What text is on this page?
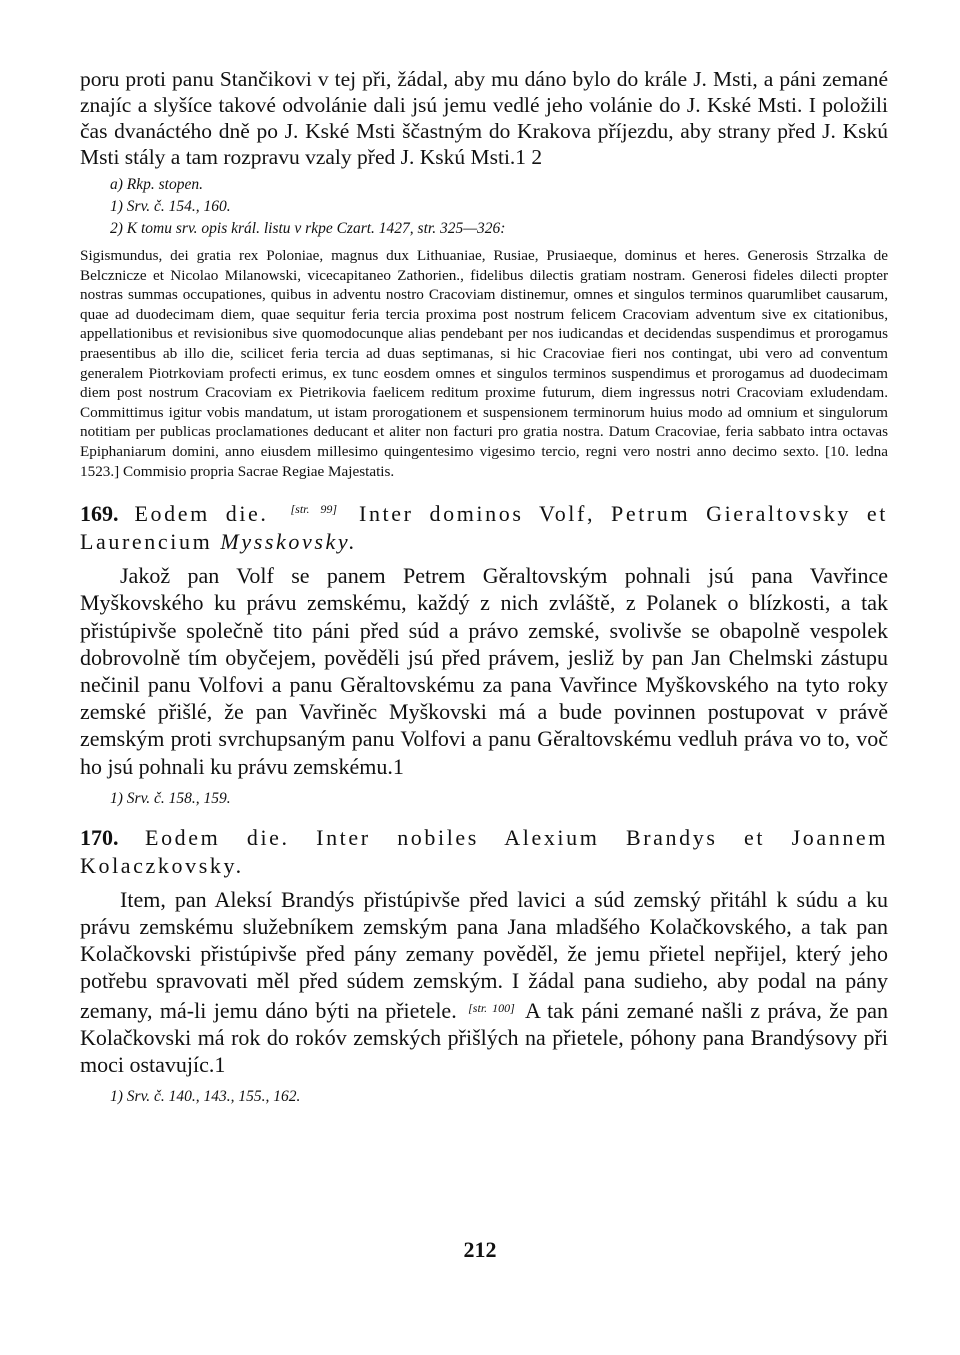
poru proti panu Stančikovi v tej při, žádal, aby mu dáno bylo do krále J. Msti, a páni zemané znajíc a slyšíce takové odvolánie dali jsú jemu vedlé jeho volánie do J. Kské Msti. I položili čas dvanáctého dně po J. Kské Msti ščastným do Krakova příjezdu, aby strany před J. Kskú Msti stály a tam rozpravu vzaly před J. Kskú Msti.1 2

a) Rkp. stopen.

1) Srv. č. 154., 160.

2) K tomu srv. opis král. listu v rkpe Czart. 1427, str. 325—326:

Sigismundus, dei gratia rex Poloniae, magnus dux Lithuaniae, Rusiae, Prusiaeque, dominus et heres. Generosis Strzalka de Belcznicze et Nicolao Milanowski, vicecapitaneo Zathorien., fidelibus dilectis gratiam nostram. Generosi fideles dilecti propter nostras summas occupationes, quibus in adventu nostro Cracoviam distinemur, omnes et singulos terminos quarumlibet causarum, quae ad duodecimam diem, quae sequitur feria tercia proxima post nostrum felicem Cracoviam adventum sive ex citationibus, appellationibus et revisionibus sive quomodocunque alias pendebant per nos iudicandas et decidendas suspendimus et prorogamus praesentibus ab illo die, scilicet feria tercia ad duas septimanas, si hic Cracoviae fieri nos contingat, ubi vero ad conventum generalem Piotrkoviam profecti erimus, ex tunc eosdem omnes et singulos terminos suspendimus et prorogamus ad duodecimam diem post nostrum Cracoviam ex Pietrikovia faelicem reditum proxime futurum, diem ingressus notri Cracoviam exludendam. Committimus igitur vobis mandatum, ut istam prorogationem et suspensionem terminorum huius modo ad omnium et singulorum notitiam per publicas proclamationes deducant et aliter non facturi pro gratia nostra. Datum Cracoviae, feria sabbato intra octavas Epiphaniarum domini, anno eiusdem millesimo quingentesimo vigesimo tercio, regni vero nostri anno decimo sexto. [10. ledna 1523.] Commisio propria Sacrae Regiae Majestatis.

169. Eodem die. [str. 99] Inter dominos Volf, Petrum Gieraltovsky et Laurencium Mysskovsky.

Jakož pan Volf se panem Petrem Gěraltovským pohnali jsú pana Vavřince Myškovského ku právu zemskému, každý z nich zvláště, z Polanek o blízkosti, a tak přistúpivše společně tito páni před súd a právo zemské, svolivše se obapolně vespolek dobrovolně tím obyčejem, pověděli jsú před právem, jesliž by pan Jan Chelmski zástupu nečinil panu Volfovi a panu Gěraltovskému za pana Vavřince Myškovského na tyto roky zemské přišlé, že pan Vavřiněc Myškovski má a bude povinnen postupovat v právě zemským proti svrchupsaným panu Volfovi a panu Gěraltovskému vedluh práva vo to, voč ho jsú pohnali ku právu zemskému.1

1) Srv. č. 158., 159.

170. Eodem die. Inter nobiles Alexium Brandys et Joannem Kolaczkovsky.

Item, pan Aleksí Brandýs přistúpivše před lavici a súd zemský přitáhl k súdu a ku právu zemskému služebníkem zemským pana Jana mladšého Kolačkovského, a tak pan Kolačkovski přistúpivše před pány zemany pověděl, že jemu přietel nepřijel, který jeho potřebu spravovati měl před súdem zemským. I žádal pana sudieho, aby podal na pány zemany, má-li jemu dáno býti na přietele. [str. 100] A tak páni zemané našli z práva, že pan Kolačkovski má rok do rokóv zemských přišlých na přietele, póhony pana Brandýsovy při moci ostavujíc.1

1) Srv. č. 140., 143., 155., 162.

212
